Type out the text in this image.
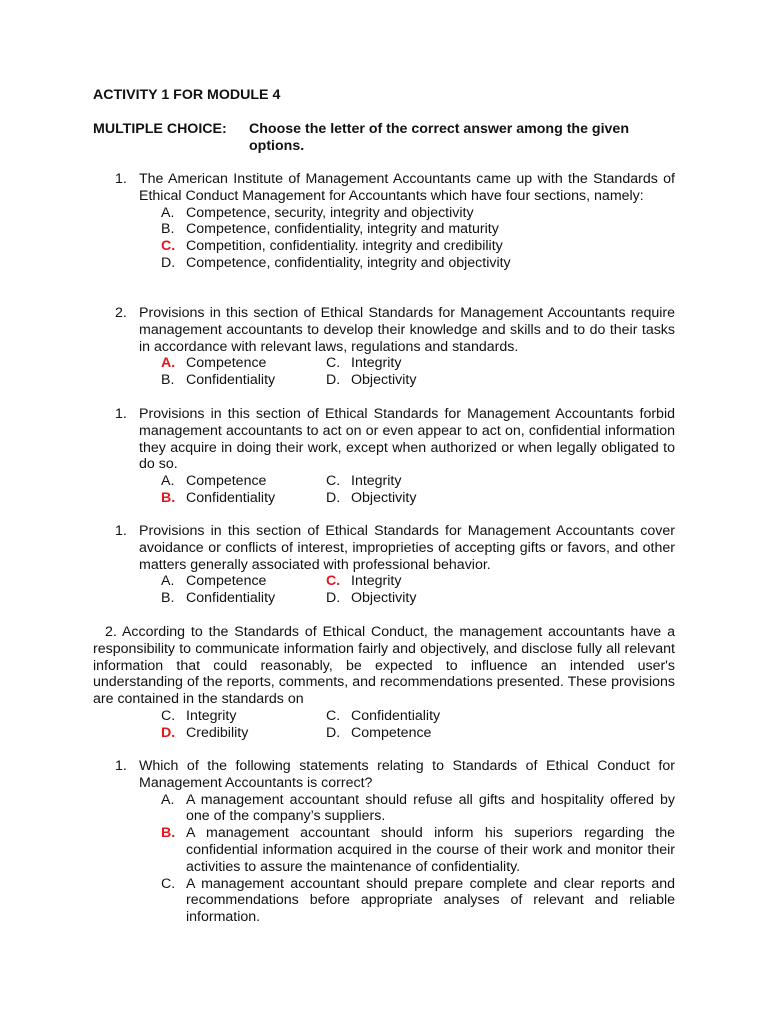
ACTIVITY 1 FOR MODULE 4
MULTIPLE CHOICE: Choose the letter of the correct answer among the given options.
1. The American Institute of Management Accountants came up with the Standards of Ethical Conduct Management for Accountants which have four sections, namely:
A. Competence, security, integrity and objectivity
B. Competence, confidentiality, integrity and maturity
C. Competition, confidentiality. integrity and credibility
D. Competence, confidentiality, integrity and objectivity
2. Provisions in this section of Ethical Standards for Management Accountants require management accountants to develop their knowledge and skills and to do their tasks in accordance with relevant laws, regulations and standards.
A. Competence	C. Integrity
B. Confidentiality	D. Objectivity
1. Provisions in this section of Ethical Standards for Management Accountants forbid management accountants to act on or even appear to act on, confidential information they acquire in doing their work, except when authorized or when legally obligated to do so.
A. Competence	C. Integrity
B. Confidentiality	D. Objectivity
1. Provisions in this section of Ethical Standards for Management Accountants cover avoidance or conflicts of interest, improprieties of accepting gifts or favors, and other matters generally associated with professional behavior.
A. Competence	C. Integrity
B. Confidentiality	D. Objectivity
2. According to the Standards of Ethical Conduct, the management accountants have a responsibility to communicate information fairly and objectively, and disclose fully all relevant information that could reasonably, be expected to influence an intended user's understanding of the reports, comments, and recommendations presented. These provisions are contained in the standards on
C. Integrity	C. Confidentiality
D. Credibility	D. Competence
1. Which of the following statements relating to Standards of Ethical Conduct for Management Accountants is correct?
A. A management accountant should refuse all gifts and hospitality offered by one of the company’s suppliers.
B. A management accountant should inform his superiors regarding the confidential information acquired in the course of their work and monitor their activities to assure the maintenance of confidentiality.
C. A management accountant should prepare complete and clear reports and recommendations before appropriate analyses of relevant and reliable information.
